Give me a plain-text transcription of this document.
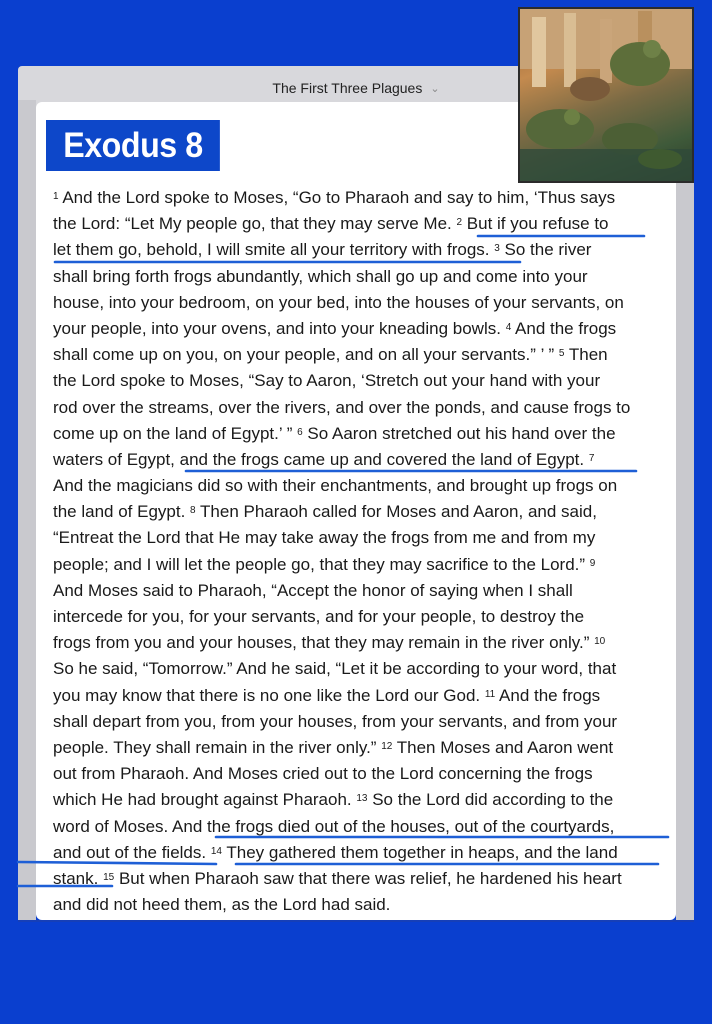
The First Three Plagues ⌄
Exodus 8
$^1$ And the Lord spoke to Moses, “Go to Pharaoh and say to him, ‘Thus says
the Lord: “Let My people go, that they may serve Me. $^2$ But if you refuse to
let them go, behold, I will smite all your territory with frogs. $^3$ So the river
shall bring forth frogs abundantly, which shall go up and come into your
house, into your bedroom, on your bed, into the houses of your servants, on
your people, into your ovens, and into your kneading bowls. $^4$ And the frogs
shall come up on you, on your people, and on all your servants.” ’ ” $^5$ Then
the Lord spoke to Moses, “Say to Aaron, ‘Stretch out your hand with your
rod over the streams, over the rivers, and over the ponds, and cause frogs to
come up on the land of Egypt.’ ” $^6$ So Aaron stretched out his hand over the
waters of Egypt, and the frogs came up and covered the land of Egypt. $^7$
And the magicians did so with their enchantments, and brought up frogs on
the land of Egypt. $^8$ Then Pharaoh called for Moses and Aaron, and said,
“Entreat the Lord that He may take away the frogs from me and from my
people; and I will let the people go, that they may sacrifice to the Lord.” $^9$
And Moses said to Pharaoh, “Accept the honor of saying when I shall
intercede for you, for your servants, and for your people, to destroy the
frogs from you and your houses, that they may remain in the river only.” $^{10}$
So he said, “Tomorrow.” And he said, “Let it be according to your word, that
you may know that there is no one like the Lord our God. $^{11}$ And the frogs
shall depart from you, from your houses, from your servants, and from your
people. They shall remain in the river only.” $^{12}$ Then Moses and Aaron went
out from Pharaoh. And Moses cried out to the Lord concerning the frogs
which He had brought against Pharaoh. $^{13}$ So the Lord did according to the
word of Moses. And the frogs died out of the houses, out of the courtyards,
and out of the fields. $^{14}$ They gathered them together in heaps, and the land
stank. $^{15}$ But when Pharaoh saw that there was relief, he hardened his heart
and did not heed them, as the Lord had said.
